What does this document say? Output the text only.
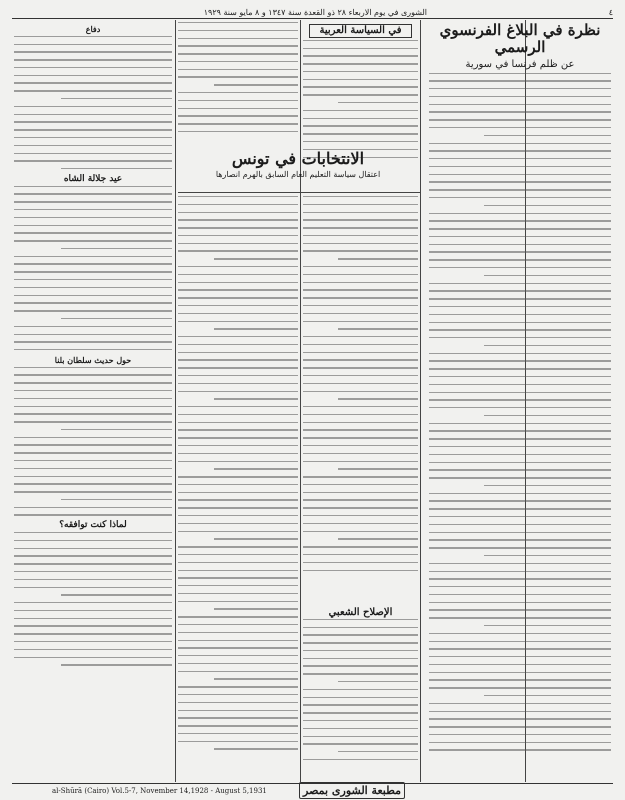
٤
الشورى في يوم الاربعاء ٢٨ ذو القعدة سنة ١٣٤٧ و ٨ مايو سنة ١٩٢٩
نظرة في البلاغ الفرنسوي الرسمي
عن ظلم فرنسا في سورية
في السياسة العربية
الانتخابات في تونس
اعتقال سياسة التعليم العام السابق بالهرم انصارها
الإصلاح الشعبي
دفاع
عيد جلالة الشاه
حول حديث سلطان بلنا
لماذا كنت توافقه؟
مطبعة الشورى بمصر
al-Shūrā (Cairo) Vol.5-7, November 14,1928 - August 5,1931
